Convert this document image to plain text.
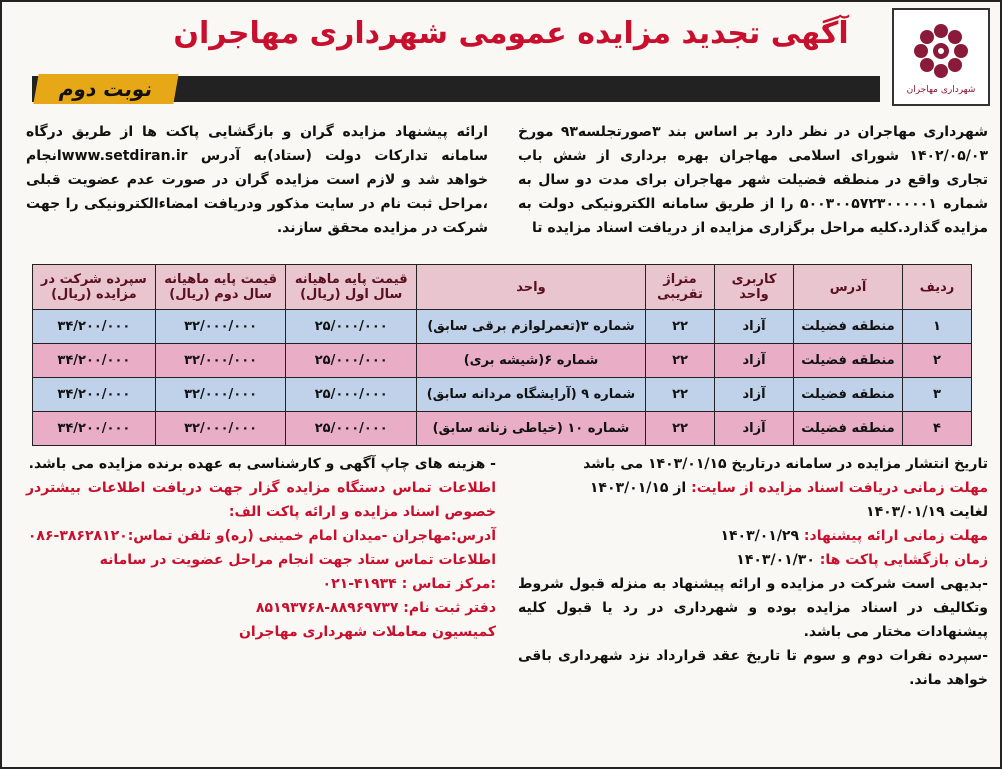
آگهی تجدید مزایده عمومی شهرداری مهاجران
شهرداری مهاجران
نوبت دوم
شهرداری مهاجران در نظر دارد بر اساس بند ۳صورتجلسه۹۳ مورخ ۱۴۰۲/۰۵/۰۳ شورای اسلامی مهاجران بهره برداری از شش باب تجاری واقع در منطقه فضیلت شهر مهاجران برای مدت دو سال به شماره ۵۰۰۳۰۰۵۷۲۳۰۰۰۰۰۱ را از طریق سامانه الکترونیکی دولت به مزایده گذارد.کلیه مراحل برگزاری مزایده از دریافت اسناد مزایده تا
ارائه پیشنهاد مزایده گران و بازگشایی پاکت ها از طریق درگاه سامانه تدارکات دولت (ستاد)به آدرس www.setdiran.irانجام خواهد شد و لازم است مزایده گران در صورت عدم عضویت قبلی ،مراحل ثبت نام در سایت مذکور ودریافت امضاءالکترونیکی را جهت شرکت در مزایده محقق سازند.
ردیف	آدرس	کاربری واحد	متراژ تقریبی	واحد	قیمت پایه ماهیانه سال اول (ریال)	قیمت پایه ماهیانه سال دوم (ریال)	سپرده شرکت در مزایده (ریال)
۱	منطقه فضیلت	آزاد	۲۲	شماره ۳(تعمرلوازم برقی سابق)	۲۵/۰۰۰/۰۰۰	۳۲/۰۰۰/۰۰۰	۳۴/۲۰۰/۰۰۰
۲	منطقه فضیلت	آزاد	۲۲	شماره ۶(شیشه بری)	۲۵/۰۰۰/۰۰۰	۳۲/۰۰۰/۰۰۰	۳۴/۲۰۰/۰۰۰
۳	منطقه فضیلت	آزاد	۲۲	شماره ۹ (آرایشگاه مردانه سابق)	۲۵/۰۰۰/۰۰۰	۳۲/۰۰۰/۰۰۰	۳۴/۲۰۰/۰۰۰
۴	منطقه فضیلت	آزاد	۲۲	شماره ۱۰ (خیاطی زنانه سابق)	۲۵/۰۰۰/۰۰۰	۳۲/۰۰۰/۰۰۰	۳۴/۲۰۰/۰۰۰
تاریخ انتشار مزایده در سامانه درتاریخ ۱۴۰۳/۰۱/۱۵ می باشد
مهلت زمانی دریافت اسناد مزایده از سایت: از ۱۴۰۳/۰۱/۱۵
لغایت ۱۴۰۳/۰۱/۱۹
مهلت زمانی ارائه پیشنهاد: ۱۴۰۳/۰۱/۲۹
زمان بازگشایی پاکت ها: ۱۴۰۳/۰۱/۳۰
-بدیهی است شرکت در مزایده و ارائه پیشنهاد به منزله قبول شروط وتکالیف در اسناد مزایده بوده و شهرداری در رد یا قبول کلیه پیشنهادات مختار می باشد.
-سپرده نفرات دوم و سوم تا تاریخ عقد قرارداد نزد شهرداری باقی خواهد ماند.
- هزینه های چاپ آگهی و کارشناسی به عهده برنده مزایده می باشد.
اطلاعات تماس دستگاه مزایده گزار جهت دریافت اطلاعات بیشتردر خصوص اسناد مزایده و ارائه پاکت الف:
آدرس:مهاجران -میدان امام خمینی (ره)و تلفن تماس:۳۸۶۲۸۱۲۰-۰۸۶
اطلاعات تماس ستاد جهت انجام مراحل عضویت در سامانه
:مرکز تماس : ۴۱۹۳۴-۰۲۱
دفتر ثبت نام: ۸۸۹۶۹۷۳۷-۸۵۱۹۳۷۶۸
کمیسیون معاملات شهرداری مهاجران
